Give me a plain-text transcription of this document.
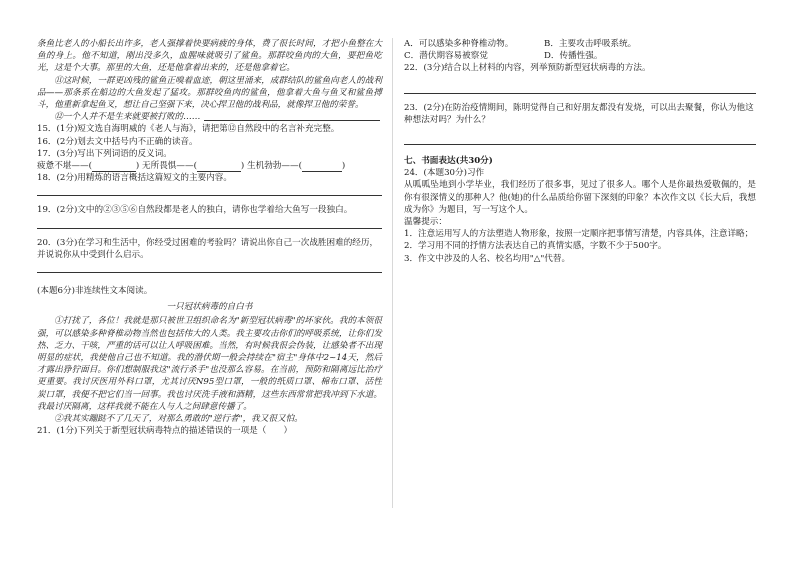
条鱼比老人的小船长出许多，老人强撑着快要病疲的身体，费了很长时间，才把小鱼整在大鱼的身上。他不知道，刚出没多久，血腥味就吸引了鲨鱼。那群咬鱼肉的大鱼，要把鱼吃光，这是个大事。那里的大鱼，还是他拿着出来的，还是他拿着它。

⑪这时候，一群更凶残的鲨鱼正嗅着血迹，朝这里涌来，成群结队的鲨鱼向老人的战利品——那条系在船边的大鱼发起了猛攻。那群咬鱼肉的鲨鱼，他拿着大鱼与鱼叉和鲨鱼搏斗，他重新拿起鱼叉，想让自己坚强下来，决心捍卫他的战利品，就像捍卫他的荣誉。

⑫一个人并不是生来就要被打败的……

15．(1分)短文选自海明威的《老人与海》，请把第⑫自然段中的名言补充完整。

16．(2分)划去文中括号内不正确的读音。

17．(3分)写出下列词语的反义词。

疲惫不堪——(	) 无所畏惧——(	) 生机勃勃——(	)

18．(2分)用精炼的语言概括这篇短文的主要内容。

19．(2分)文中的②③⑤⑥自然段都是老人的独白，请你也学着给大鱼写一段独白。

20．(3分)在学习和生活中，你经受过困难的考验吗？请说出你自己一次战胜困难的经历，并说说你从中受到什么启示。

(本题6分)非连续性文本阅读。

一只冠状病毒的自白书

①打扰了，各位！我就是那只被世卫组织命名为"新型冠状病毒"的坏家伙。我的本领很强，可以感染多种脊椎动物当然也包括伟大的人类。我主要攻击你们的呼吸系统，让你们发热、乏力、干咳，严重的话可以让人呼吸困难。当然，有时候我很会伪装，让感染者不出现明显的症状，我使他自己也不知道。我的潜伏期一般会持续在"宿主"身体中2~14天，然后才露出狰狞面目。你们想制服我这"流行杀手"也没那么容易。在当前，预防和隔离远比治疗更重要。我讨厌医用外科口罩，尤其讨厌N95型口罩，一般的纸质口罩、棉布口罩、活性炭口罩，我便不把它们当一回事。我也讨厌洗手液和酒精，这些东西常常把我冲到下水道。我最讨厌隔离，这样我就不能在人与人之间肆意传播了。

②我其实蹦跶不了几天了，对那么勇敢的"逆行者"，我又很又怕。

21．(1分)下列关于新型冠状病毒特点的描述错误的一项是（　　）

A．可以感染多种脊椎动物。	B．主要攻击呼吸系统。
C．潜伏期容易被察觉	D．传播性强。

22．(3分)结合以上材料的内容，列举预防新型冠状病毒的方法。

23．(2分)在防治疫情期间，陈明觉得自己和好朋友都没有发烧，可以出去聚餐，你认为他这种想法对吗？为什么？

七、书面表达(共30分)

24．(本题30分)习作

从呱呱坠地到小学毕业，我们经历了很多事，见过了很多人。哪个人是你最热爱敬佩的，是你有很深情义的那种人？他(她)的什么品质给你留下深刻的印象？本次作文以《长大后，我想成为你》为题目，写一写这个人。

温馨提示：

1．注意运用写人的方法塑造人物形象，按照一定顺序把事情写清楚，内容具体，注意详略；

2．学习用不同的抒情方法表达自己的真情实感，字数不少于500字。

3．作文中涉及的人名、校名均用"△"代替。
